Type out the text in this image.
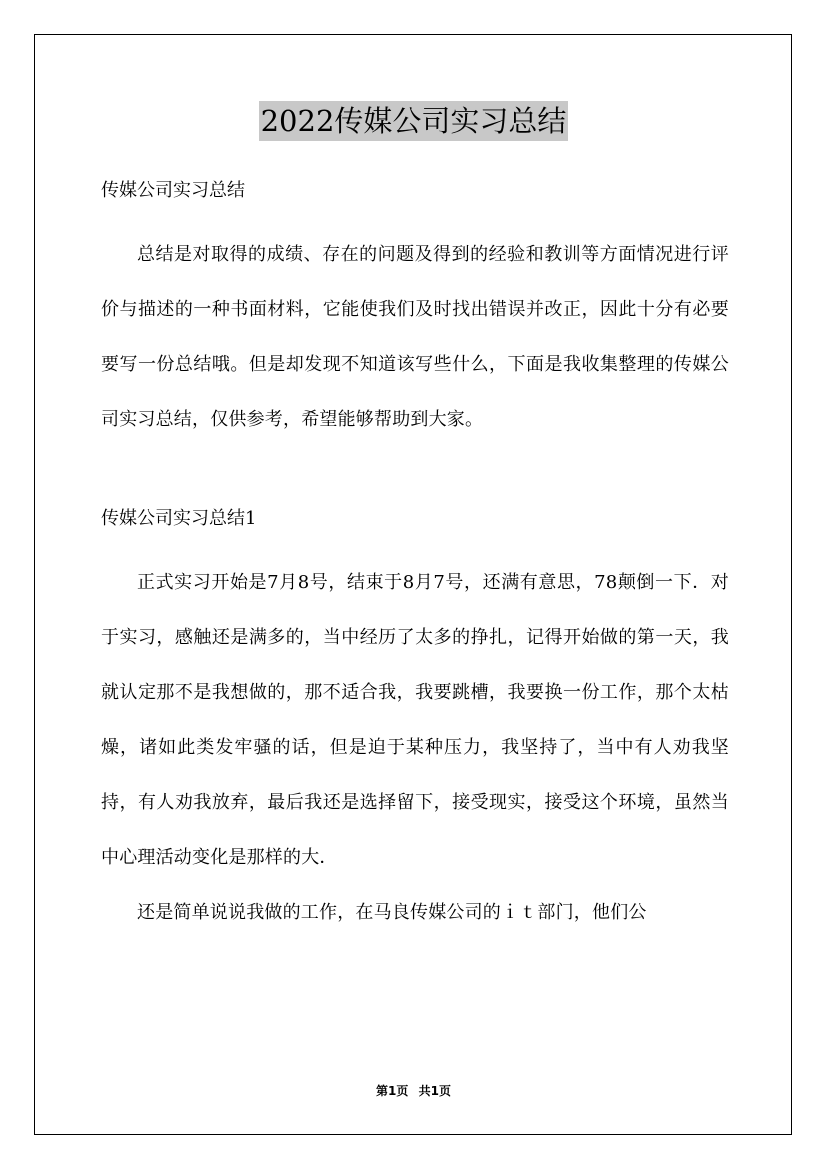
2022传媒公司实习总结

传媒公司实习总结

总结是对取得的成绩、存在的问题及得到的经验和教训等方面情况进行评价与描述的一种书面材料，它能使我们及时找出错误并改正，因此十分有必要要写一份总结哦。但是却发现不知道该写些什么，下面是我收集整理的传媒公司实习总结，仅供参考，希望能够帮助到大家。

传媒公司实习总结1

正式实习开始是7月8号，结束于8月7号，还满有意思，78颠倒一下．对于实习，感触还是满多的，当中经历了太多的挣扎，记得开始做的第一天，我就认定那不是我想做的，那不适合我，我要跳槽，我要换一份工作，那个太枯燥，诸如此类发牢骚的话，但是迫于某种压力，我坚持了，当中有人劝我坚持，有人劝我放弃，最后我还是选择留下，接受现实，接受这个环境，虽然当中心理活动变化是那样的大．

还是简单说说我做的工作，在马良传媒公司的ｉｔ部门，他们公

第1页 共1页
